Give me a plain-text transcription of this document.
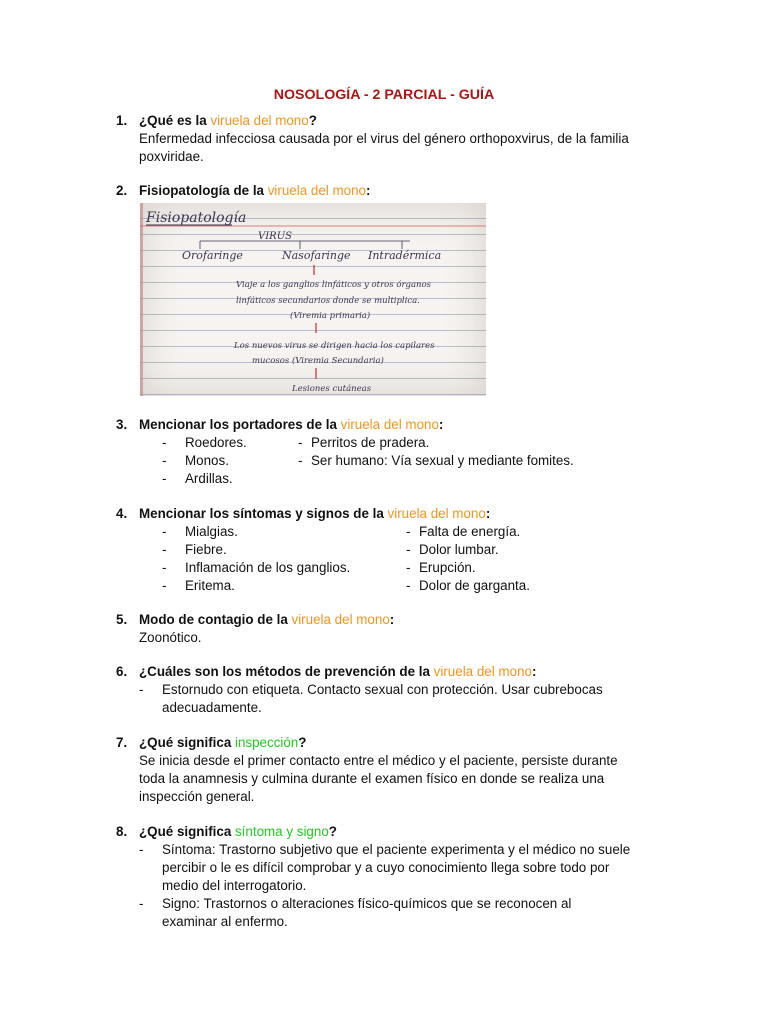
NOSOLOGÍA - 2 PARCIAL - GUÍA
1. ¿Qué es la viruela del mono?
Enfermedad infecciosa causada por el virus del género orthopoxvirus, de la familia poxviridae.
2. Fisiopatología de la viruela del mono:
Fisiopatología
VIRUS
Orofaringe	Nasofaringe Intradérmica
Viaje a los ganglios linfáticos y otros órganos
linfáticos secundarios donde se multiplica.
(Viremia primaria)
Los nuevos virus se dirigen hacia los capilares
mucosos (Viremia Secundaria)
Lesiones cutáneas
3. Mencionar los portadores de la viruela del mono:
- Roedores.	- Perritos de pradera.
- Monos.	- Ser humano: Vía sexual y mediante fomites.
- Ardillas.
4. Mencionar los síntomas y signos de la viruela del mono:
- Mialgias.	- Falta de energía.
- Fiebre.	- Dolor lumbar.
- Inflamación de los ganglios.	- Erupción.
- Eritema.	- Dolor de garganta.
5. Modo de contagio de la viruela del mono:
Zoonótico.
6. ¿Cuáles son los métodos de prevención de la viruela del mono:
- Estornudo con etiqueta. Contacto sexual con protección. Usar cubrebocas adecuadamente.
7. ¿Qué significa inspección?
Se inicia desde el primer contacto entre el médico y el paciente, persiste durante toda la anamnesis y culmina durante el examen físico en donde se realiza una inspección general.
8. ¿Qué significa síntoma y signo?
- Síntoma: Trastorno subjetivo que el paciente experimenta y el médico no suele percibir o le es difícil comprobar y a cuyo conocimiento llega sobre todo por medio del interrogatorio.
- Signo: Trastornos o alteraciones físico-químicos que se reconocen al examinar al enfermo.
